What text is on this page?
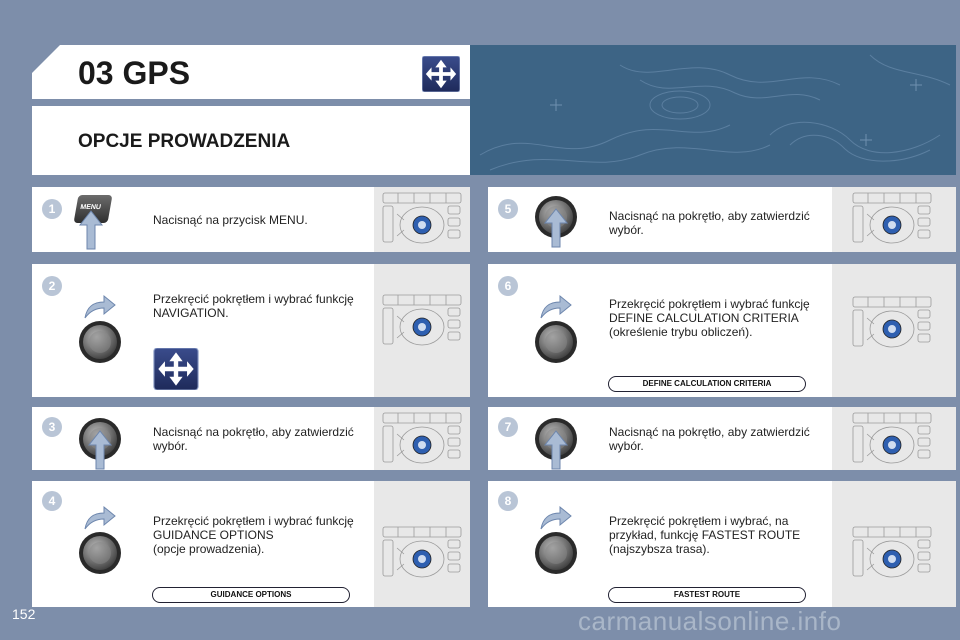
03 GPS
OPCJE PROWADZENIA
1	MENU
Nacisnąć na przycisk MENU.
2
Przekręcić pokrętłem i wybrać funkcję
NAVIGATION.
3	Nacisnąć na pokrętło, aby zatwierdzić
wybór.
4
Przekręcić pokrętłem i wybrać funkcję
GUIDANCE OPTIONS
(opcje prowadzenia).
GUIDANCE OPTIONS
5	Nacisnąć na pokrętło, aby zatwierdzić
wybór.
6
Przekręcić pokrętłem i wybrać funkcję
DEFINE CALCULATION CRITERIA
(określenie trybu obliczeń).
DEFINE CALCULATION CRITERIA
7	Nacisnąć na pokrętło, aby zatwierdzić
wybór.
8
Przekręcić pokrętłem i wybrać, na
przykład, funkcję FASTEST ROUTE
(najszybsza trasa).
FASTEST ROUTE

152	carmanualsonline.info
